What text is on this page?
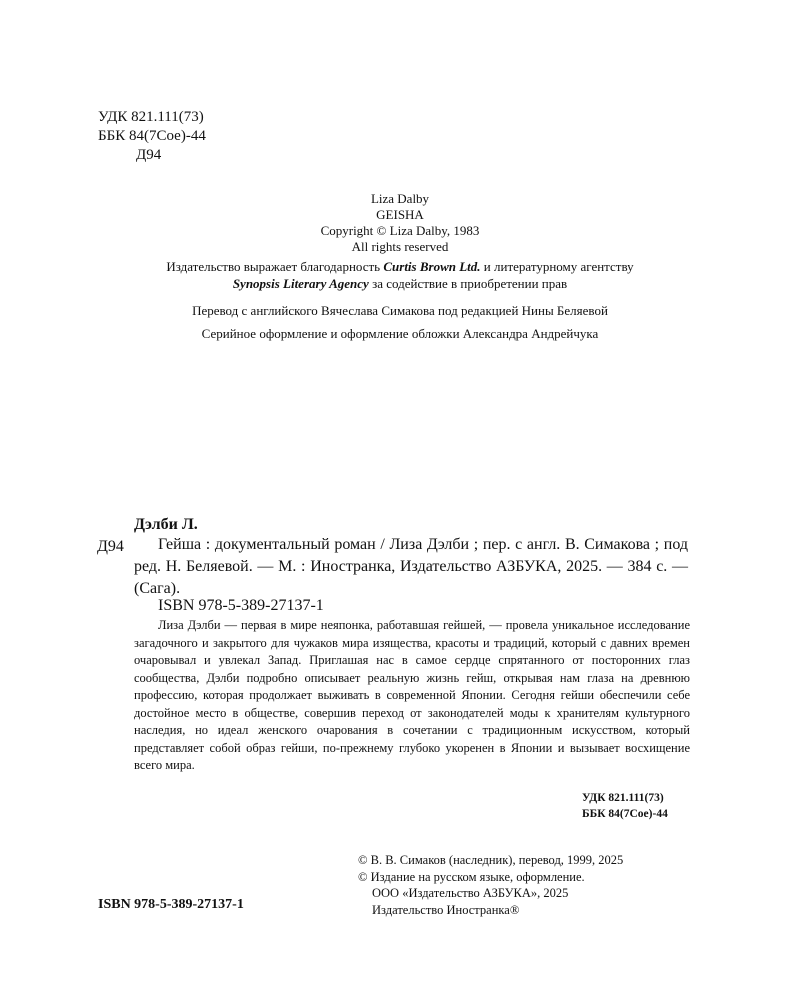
УДК 821.111(73)
ББК 84(7Сое)-44
Д94
Liza Dalby
GEISHA
Copyright © Liza Dalby, 1983
All rights reserved
Издательство выражает благодарность Curtis Brown Ltd. и литературному агентству
Synopsis Literary Agency за содействие в приобретении прав
Перевод с английского Вячеслава Симакова под редакцией Нины Беляевой
Серийное оформление и оформление обложки Александра Андрейчука
Дэлби Л.
Д94	Гейша : документальный роман / Лиза Дэлби ; пер. с англ. В. Симакова ; под ред. Н. Беляевой. — М. : Иностранка, Издательство АЗБУКА, 2025. — 384 с. — (Сага).
ISBN 978-5-389-27137-1
Лиза Дэлби — первая в мире неяпонка, работавшая гейшей, — провела уникальное исследование загадочного и закрытого для чужаков мира изящества, красоты и традиций, который с давних времен очаровывал и увлекал Запад. Приглашая нас в самое сердце спрятанного от посторонних глаз сообщества, Дэлби подробно описывает реальную жизнь гейш, открывая нам глаза на древнюю профессию, которая продолжает выживать в современной Японии. Сегодня гейши обеспечили себе достойное место в обществе, совершив переход от законодателей моды к хранителям культурного наследия, но идеал женского очарования в сочетании с традиционным искусством, который представляет собой образ гейши, по-прежнему глубоко укоренен в Японии и вызывает восхищение всего мира.
УДК 821.111(73)
ББК 84(7Сое)-44
© В. В. Симаков (наследник), перевод, 1999, 2025
© Издание на русском языке, оформление.
ООО «Издательство АЗБУКА», 2025
Издательство Иностранка®
ISBN 978-5-389-27137-1
